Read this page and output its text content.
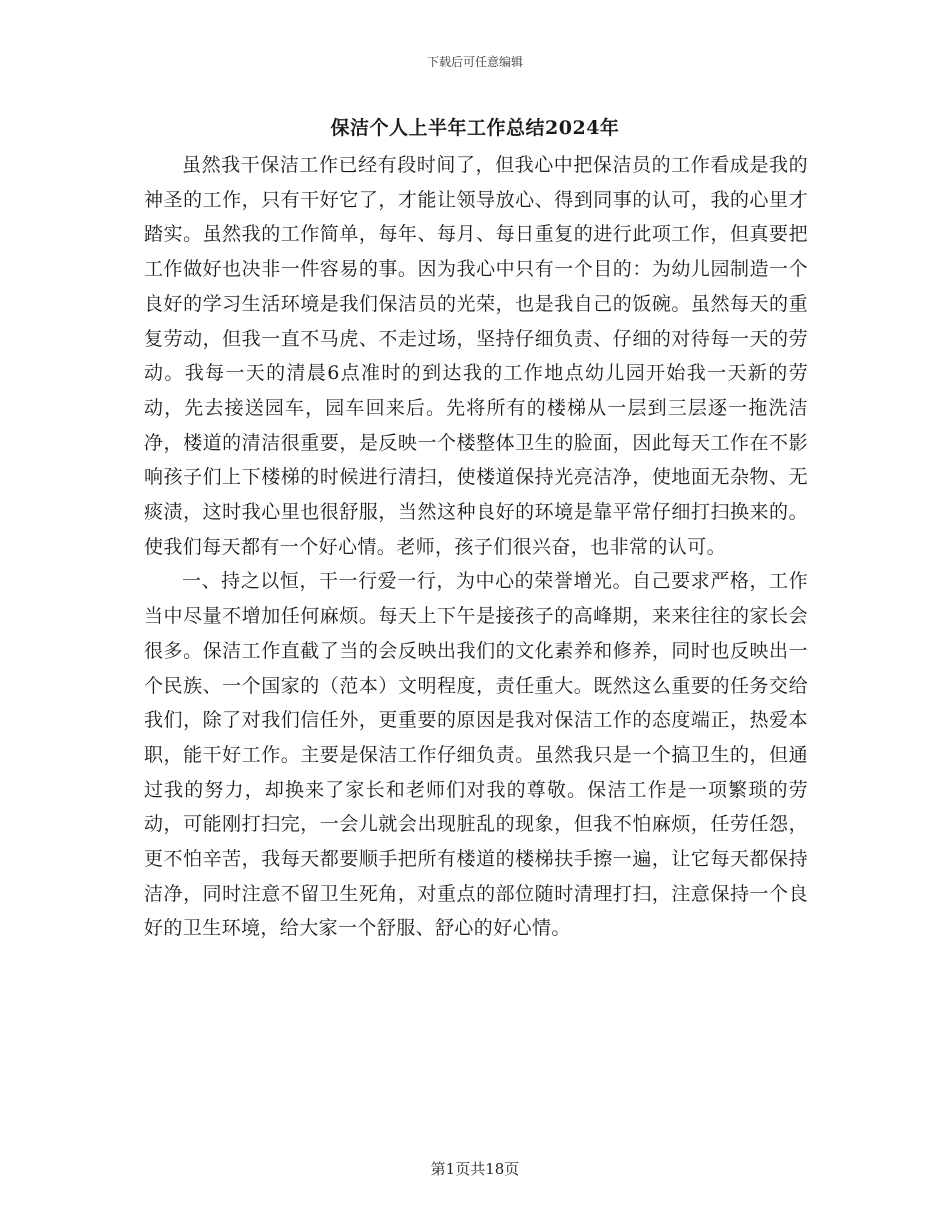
下载后可任意编辑
保洁个人上半年工作总结2024年

虽然我干保洁工作已经有段时间了，但我心中把保洁员的工作看成是我的神圣的工作，只有干好它了，才能让领导放心、得到同事的认可，我的心里才踏实。虽然我的工作简单，每年、每月、每日重复的进行此项工作，但真要把工作做好也决非一件容易的事。因为我心中只有一个目的：为幼儿园制造一个良好的学习生活环境是我们保洁员的光荣，也是我自己的饭碗。虽然每天的重复劳动，但我一直不马虎、不走过场，坚持仔细负责、仔细的对待每一天的劳动。我每一天的清晨6点准时的到达我的工作地点幼儿园开始我一天新的劳动，先去接送园车，园车回来后。先将所有的楼梯从一层到三层逐一拖洗洁净，楼道的清洁很重要，是反映一个楼整体卫生的脸面，因此每天工作在不影响孩子们上下楼梯的时候进行清扫，使楼道保持光亮洁净，使地面无杂物、无痰渍，这时我心里也很舒服，当然这种良好的环境是靠平常仔细打扫换来的。使我们每天都有一个好心情。老师，孩子们很兴奋，也非常的认可。

一、持之以恒，干一行爱一行，为中心的荣誉增光。自己要求严格，工作当中尽量不增加任何麻烦。每天上下午是接孩子的高峰期，来来往往的家长会很多。保洁工作直截了当的会反映出我们的文化素养和修养，同时也反映出一个民族、一个国家的（范本）文明程度，责任重大。既然这么重要的任务交给我们，除了对我们信任外，更重要的原因是我对保洁工作的态度端正，热爱本职，能干好工作。主要是保洁工作仔细负责。虽然我只是一个搞卫生的，但通过我的努力，却换来了家长和老师们对我的尊敬。保洁工作是一项繁琐的劳动，可能刚打扫完，一会儿就会出现脏乱的现象，但我不怕麻烦，任劳任怨，更不怕辛苦，我每天都要顺手把所有楼道的楼梯扶手擦一遍，让它每天都保持洁净，同时注意不留卫生死角，对重点的部位随时清理打扫，注意保持一个良好的卫生环境，给大家一个舒服、舒心的好心情。

第1页共18页
